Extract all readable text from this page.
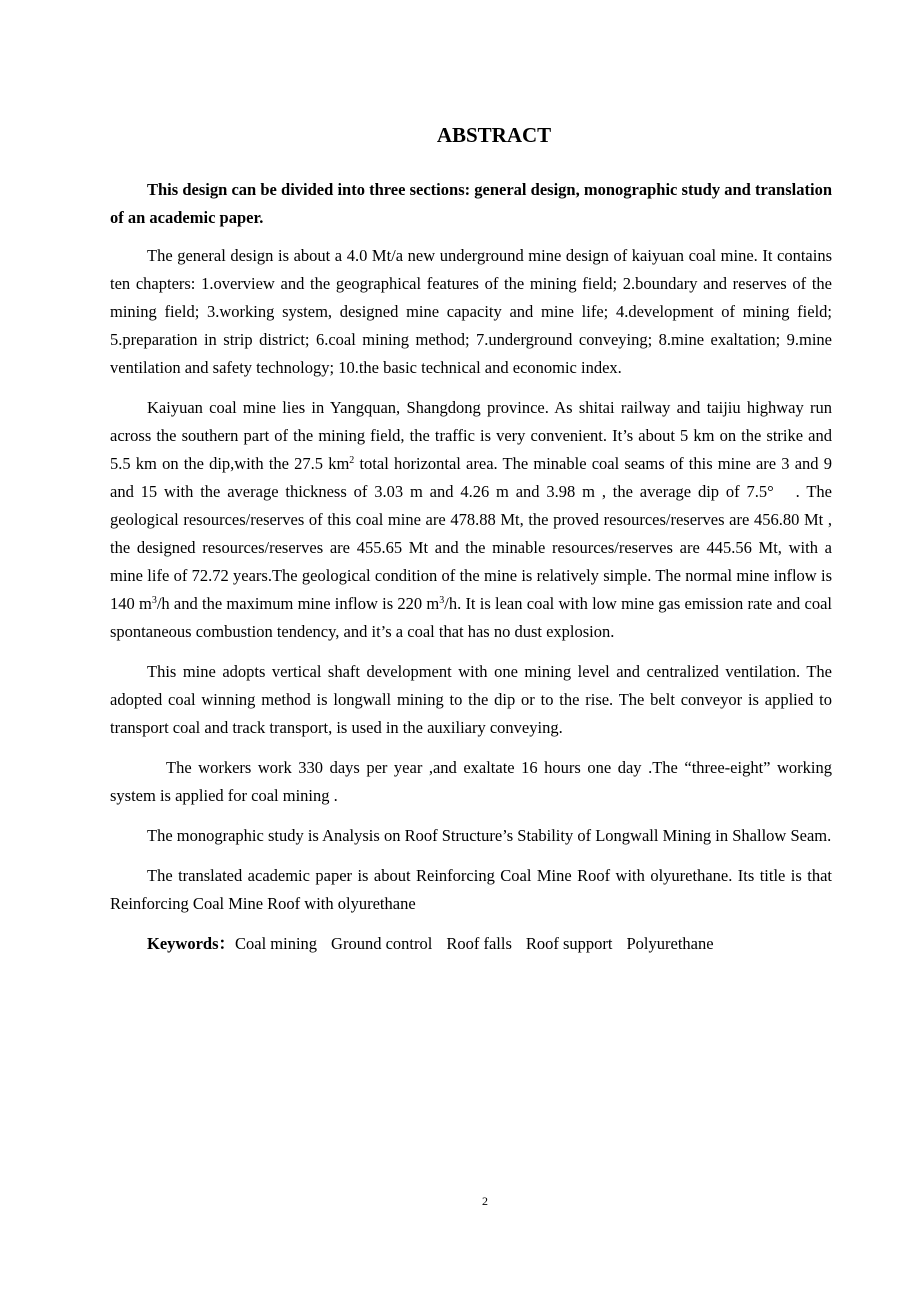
ABSTRACT

This design can be divided into three sections: general design, monographic study and translation of an academic paper.

The general design is about a 4.0 Mt/a new underground mine design of kaiyuan coal mine. It contains ten chapters: 1.overview and the geographical features of the mining field; 2.boundary and reserves of the mining field; 3.working system, designed mine capacity and mine life; 4.development of mining field; 5.preparation in strip district; 6.coal mining method; 7.underground conveying; 8.mine exaltation; 9.mine ventilation and safety technology; 10.the basic technical and economic index.

Kaiyuan coal mine lies in Yangquan, Shangdong province. As shitai railway and taijiu highway run across the southern part of the mining field, the traffic is very convenient. It’s about 5 km on the strike and 5.5 km on the dip,with the 27.5 $km^2$ total horizontal area. The minable coal seams of this mine are 3 and 9 and 15 with the average thickness of 3.03 m and 4.26 m and 3.98 m , the average dip of 7.5°　. The geological resources/reserves of this coal mine are 478.88 Mt, the proved resources/reserves are 456.80 Mt , the designed resources/reserves are 455.65 Mt and the minable resources/reserves are 445.56 Mt, with a mine life of 72.72 years.The geological condition of the mine is relatively simple. The normal mine inflow is 140 $m^3/h$ and the maximum mine inflow is 220 $m^3/h$. It is lean coal with low mine gas emission rate and coal spontaneous combustion tendency, and it’s a coal that has no dust explosion.

This mine adopts vertical shaft development with one mining level and centralized ventilation. The adopted coal winning method is longwall mining to the dip or to the rise. The belt conveyor is applied to transport coal and track transport, is used in the auxiliary conveying.

The workers work 330 days per year ,and exaltate 16 hours one day .The “three-eight” working system is applied for coal mining .

The monographic study is Analysis on Roof Structure’s Stability of Longwall Mining in Shallow Seam.

The translated academic paper is about Reinforcing Coal Mine Roof with olyurethane. Its title is that Reinforcing Coal Mine Roof with olyurethane

Keywords：Coal mining Ground control Roof falls Roof support Polyurethane

2
